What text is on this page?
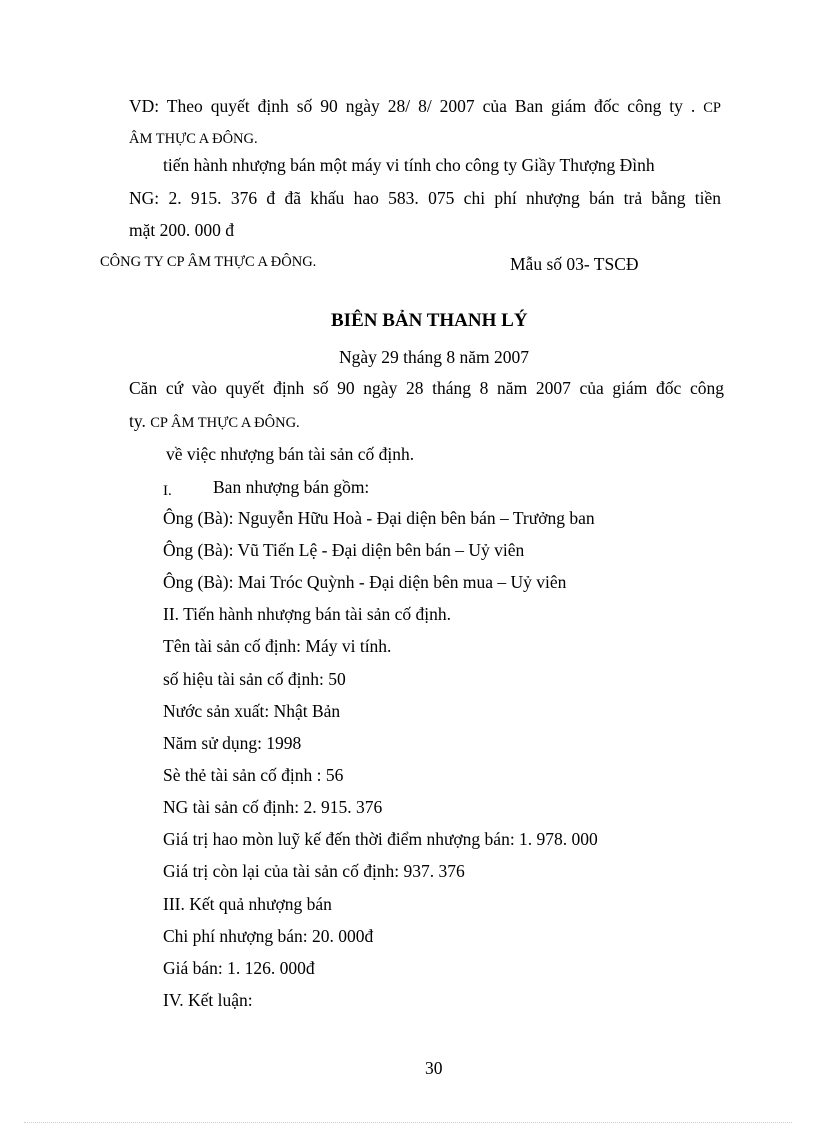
VD: Theo quyết định số 90 ngày 28/ 8/ 2007 của Ban giám đốc công ty . CP
ÂM THỰC A ĐÔNG.
tiến hành nhượng bán một máy vi tính cho công ty Giầy Thượng Đình
NG: 2. 915. 376 đ đã khấu hao 583. 075 chi phí nhượng bán trả bằng tiền
mặt 200. 000 đ
CÔNG TY CP ÂM THỰC A ĐÔNG.	Mẫu số 03- TSCĐ
BIÊN BẢN THANH LÝ
Ngày 29 tháng 8 năm 2007
Căn cứ vào quyết định số 90 ngày 28 tháng 8 năm 2007 của giám đốc công
ty. CP ÂM THỰC A ĐÔNG.
về việc nhượng bán tài sản cố định.
I. Ban nhượng bán gồm:
Ông (Bà): Nguyễn Hữu Hoà - Đại diện bên bán – Trưởng ban
Ông (Bà): Vũ Tiến Lệ - Đại diện bên bán – Uỷ viên
Ông (Bà): Mai Tróc Quỳnh - Đại diện bên mua – Uỷ viên
II. Tiến hành nhượng bán tài sản cố định.
Tên tài sản cố định: Máy vi tính.
số hiệu tài sản cố định: 50
Nước sản xuất: Nhật Bản
Năm sử dụng: 1998
Sè thẻ tài sản cố định : 56
NG tài sản cố định: 2. 915. 376
Giá trị hao mòn luỹ kế đến thời điểm nhượng bán: 1. 978. 000
Giá trị còn lại của tài sản cố định: 937. 376
III. Kết quả nhượng bán
Chi phí nhượng bán: 20. 000đ
Giá bán: 1. 126. 000đ
IV. Kết luận:
30
